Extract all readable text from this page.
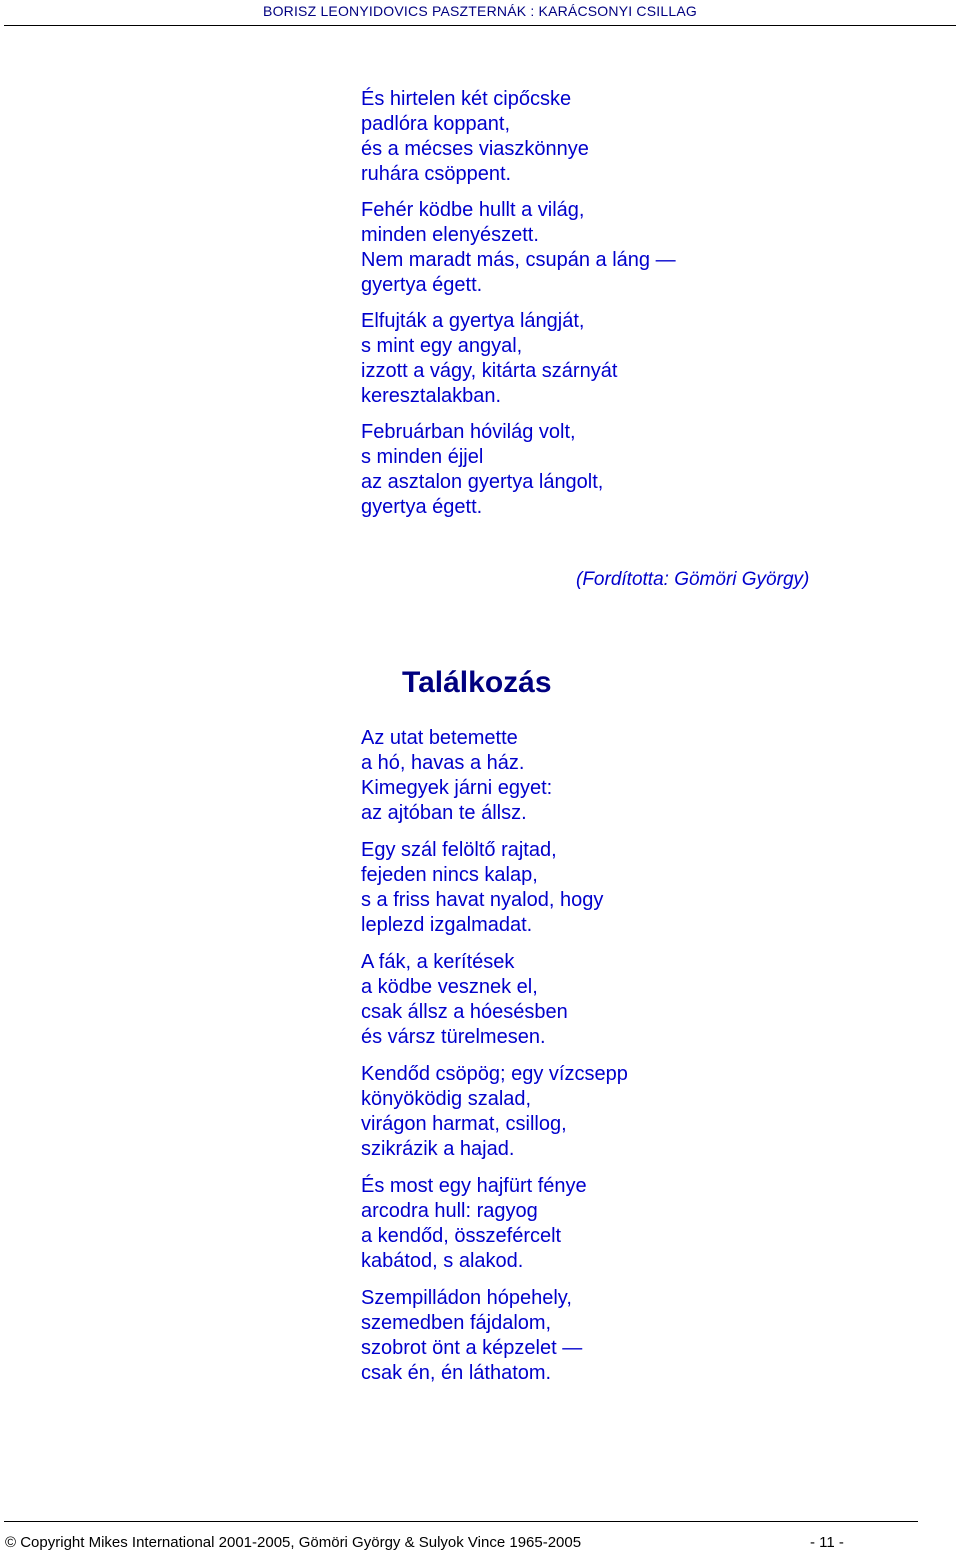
BORISZ LEONYIDOVICS PASZTERNÁK : KARÁCSONYI CSILLAG
És hirtelen két cipőcske
padlóra koppant,
és a mécses viaszkönnye
ruhára csöppent.
Fehér ködbe hullt a világ,
minden elenyészett.
Nem maradt más, csupán a láng —
gyertya égett.
Elfujták a gyertya lángját,
s mint egy angyal,
izzott a vágy, kitárta szárnyát
keresztalakban.
Februárban hóvilág volt,
s minden éjjel
az asztalon gyertya lángolt,
gyertya égett.
(Fordította: Gömöri György)
Találkozás
Az utat betemette
a hó, havas a ház.
Kimegyek járni egyet:
az ajtóban te állsz.
Egy szál felöltő rajtad,
fejeden nincs kalap,
s a friss havat nyalod, hogy
leplezd izgalmadat.
A fák, a kerítések
a ködbe vesznek el,
csak állsz a hóesésben
és vársz türelmesen.
Kendőd csöpög; egy vízcsepp
könyöködig szalad,
virágon harmat, csillog,
szikrázik a hajad.
És most egy hajfürt fénye
arcodra hull: ragyog
a kendőd, összefércelt
kabátod, s alakod.
Szempilládon hópehely,
szemedben fájdalom,
szobrot önt a képzelet —
csak én, én láthatom.
© Copyright Mikes International 2001-2005, Gömöri György & Sulyok Vince 1965-2005	- 11 -
